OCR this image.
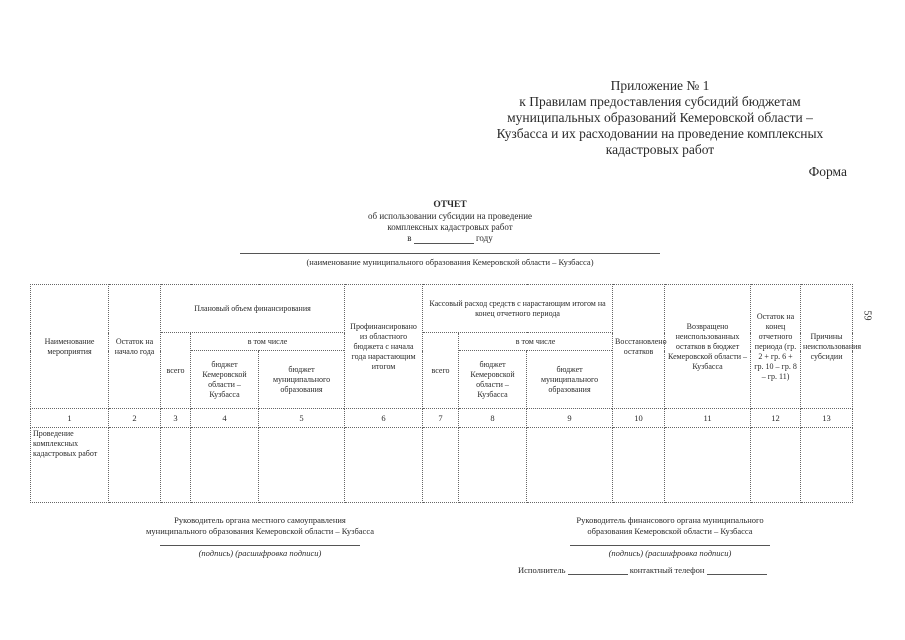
Приложение № 1
к Правилам предоставления субсидий бюджетам
муниципальных образований Кемеровской области –
Кузбасса и их расходовании на проведение комплексных
кадастровых работ
Форма
ОТЧЕТ
об использовании субсидии на проведение
комплексных кадастровых работ
в	году
(наименование муниципального образования Кемеровской области – Кузбасса)
59
Наименование мероприятия	Остаток на начало года	Плановый объем финансирования			Профинансировано из областного бюджета с начала года нарастающим итогом	Кассовый расход средств с нарастающим итогом на конец отчетного периода			Восстановлено остатков	Возвращено неиспользованных остатков в бюджет Кемеровской области – Кузбасса	Остаток на конец отчетного периода (гр. 2 + гр. 6 + гр. 10 – гр. 8 – гр. 11)	Причины неиспользования субсидии
		всего	в том числе			всего	в том числе					
			бюджет Кемеровской области – Кузбасса	бюджет муниципального образования			бюджет Кемеровской области – Кузбасса	бюджет муниципального образования				
1	2	3	4	5	6	7	8	9	10	11	12	13
Проведение комплексных кадастровых работ												
Руководитель органа местного самоуправления
муниципального образования Кемеровской области – Кузбасса
(подпись) (расшифровка подписи)
Руководитель финансового органа муниципального
образования Кемеровской области – Кузбасса
(подпись) (расшифровка подписи)
Исполнитель	контактный телефон
